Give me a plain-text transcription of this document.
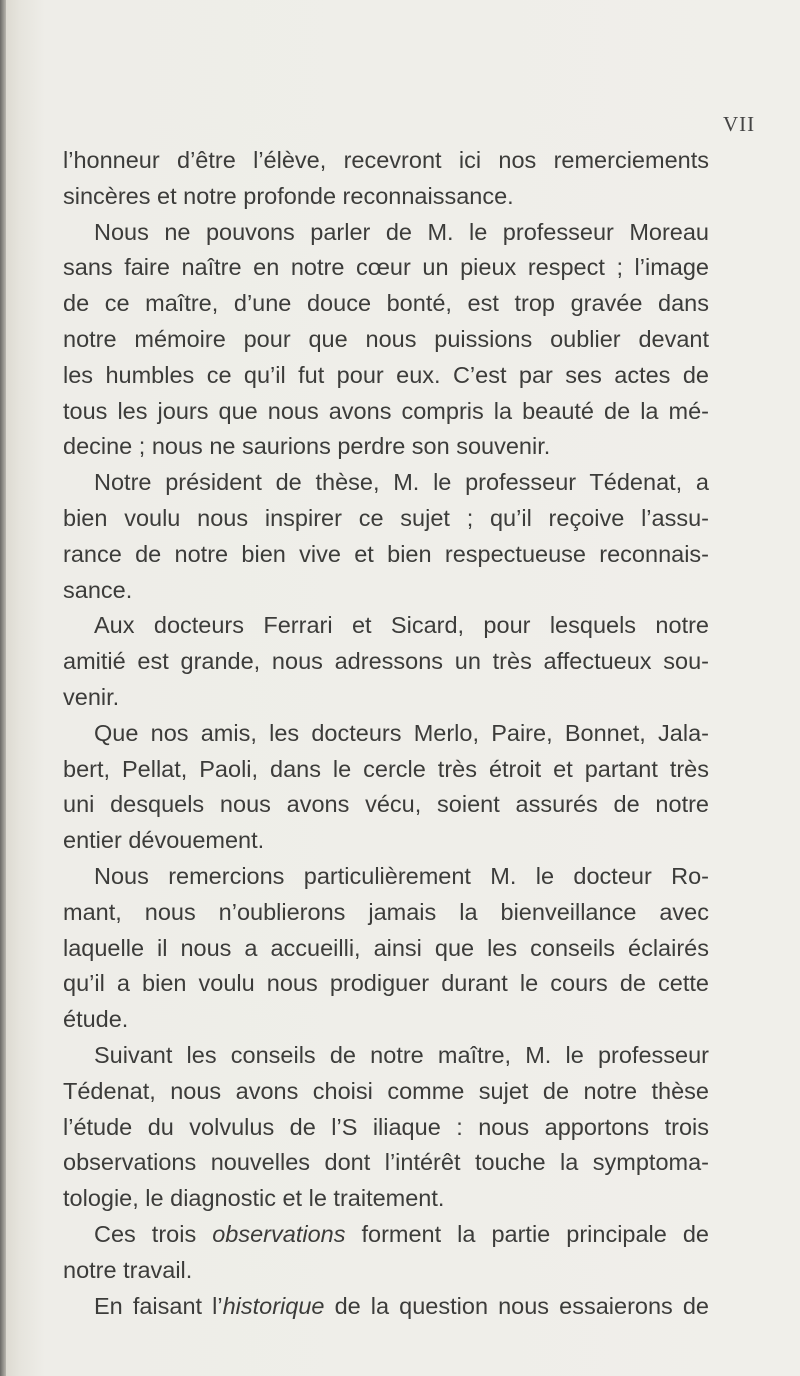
VII
l’honneur d’être l’élève, recevront ici nos remerciements
sincères et notre profonde reconnaissance.
Nous ne pouvons parler de M. le professeur Moreau
sans faire naître en notre cœur un pieux respect ; l’image
de ce maître, d’une douce bonté, est trop gravée dans
notre mémoire pour que nous puissions oublier devant
les humbles ce qu’il fut pour eux. C’est par ses actes de
tous les jours que nous avons compris la beauté de la mé-
decine ; nous ne saurions perdre son souvenir.
Notre président de thèse, M. le professeur Tédenat, a
bien voulu nous inspirer ce sujet ; qu’il reçoive l’assu-
rance de notre bien vive et bien respectueuse reconnais-
sance.
Aux docteurs Ferrari et Sicard, pour lesquels notre
amitié est grande, nous adressons un très affectueux sou-
venir.
Que nos amis, les docteurs Merlo, Paire, Bonnet, Jala-
bert, Pellat, Paoli, dans le cercle très étroit et partant très
uni desquels nous avons vécu, soient assurés de notre
entier dévouement.
Nous remercions particulièrement M. le docteur Ro-
mant, nous n’oublierons jamais la bienveillance avec
laquelle il nous a accueilli, ainsi que les conseils éclairés
qu’il a bien voulu nous prodiguer durant le cours de cette
étude.
Suivant les conseils de notre maître, M. le professeur
Tédenat, nous avons choisi comme sujet de notre thèse
l’étude du volvulus de l’S iliaque : nous apportons trois
observations nouvelles dont l’intérêt touche la symptoma-
tologie, le diagnostic et le traitement.
Ces trois observations forment la partie principale de
notre travail.
En faisant l’historique de la question nous essaierons de
